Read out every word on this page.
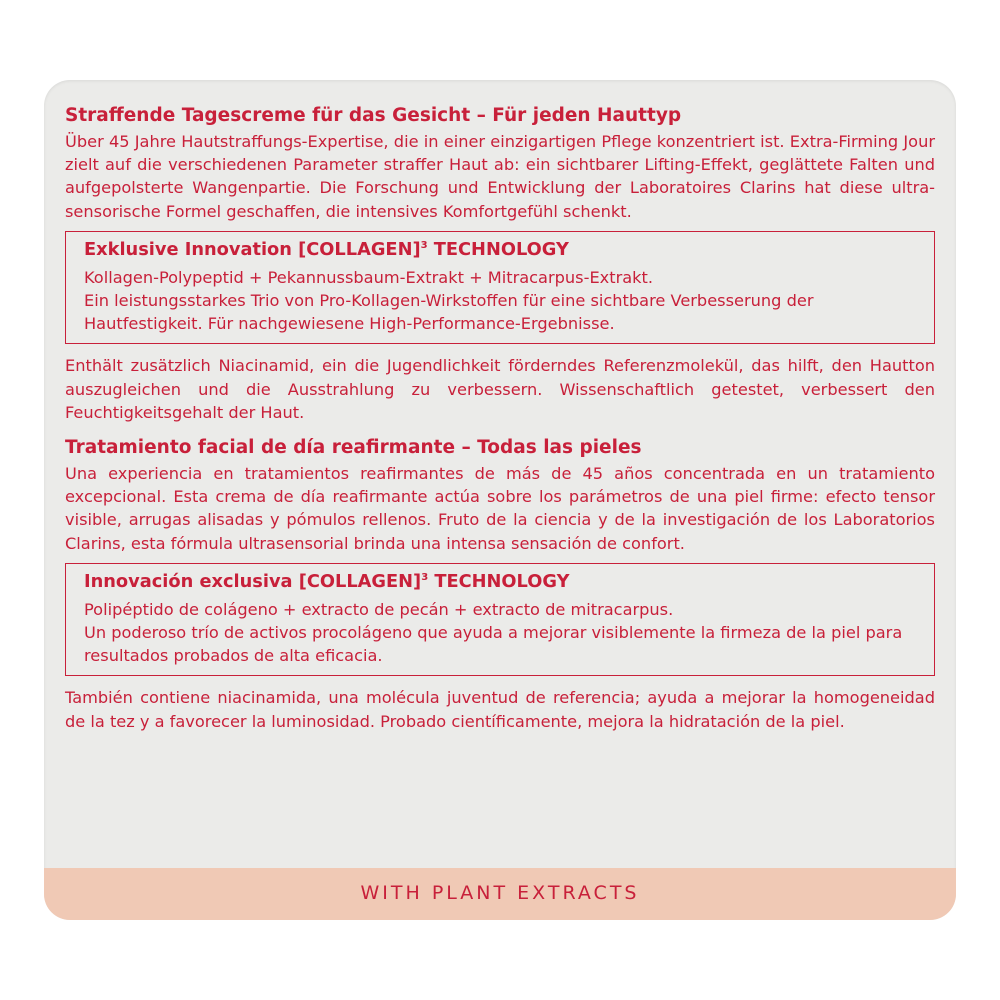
Straffende Tagescreme für das Gesicht – Für jeden Hauttyp

Über 45 Jahre Hautstraffungs-Expertise, die in einer einzigartigen Pflege konzentriert ist. Extra-Firming Jour zielt auf die verschiedenen Parameter straffer Haut ab: ein sichtbarer Lifting-Effekt, geglättete Falten und aufgepolsterte Wangenpartie. Die Forschung und Entwicklung der Laboratoires Clarins hat diese ultra-sensorische Formel geschaffen, die intensives Komfortgefühl schenkt.

Exklusive Innovation [COLLAGEN]$^3$ TECHNOLOGY

Kollagen-Polypeptid + Pekannussbaum-Extrakt + Mitracarpus-Extrakt.

Ein leistungsstarkes Trio von Pro-Kollagen-Wirkstoffen für eine sichtbare Verbesserung der Hautfestigkeit. Für nachgewiesene High-Performance-Ergebnisse.

Enthält zusätzlich Niacinamid, ein die Jugendlichkeit förderndes Referenzmolekül, das hilft, den Hautton auszugleichen und die Ausstrahlung zu verbessern. Wissenschaftlich getestet, verbessert den Feuchtigkeitsgehalt der Haut.

Tratamiento facial de día reafirmante – Todas las pieles

Una experiencia en tratamientos reafirmantes de más de 45 años concentrada en un tratamiento excepcional. Esta crema de día reafirmante actúa sobre los parámetros de una piel firme: efecto tensor visible, arrugas alisadas y pómulos rellenos. Fruto de la ciencia y de la investigación de los Laboratorios Clarins, esta fórmula ultrasensorial brinda una intensa sensación de confort.

Innovación exclusiva [COLLAGEN]$^3$ TECHNOLOGY

Polipéptido de colágeno + extracto de pecán + extracto de mitracarpus.

Un poderoso trío de activos procolágeno que ayuda a mejorar visiblemente la firmeza de la piel para resultados probados de alta eficacia.

También contiene niacinamida, una molécula juventud de referencia; ayuda a mejorar la homogeneidad de la tez y a favorecer la luminosidad. Probado científicamente, mejora la hidratación de la piel.

WITH PLANT EXTRACTS
